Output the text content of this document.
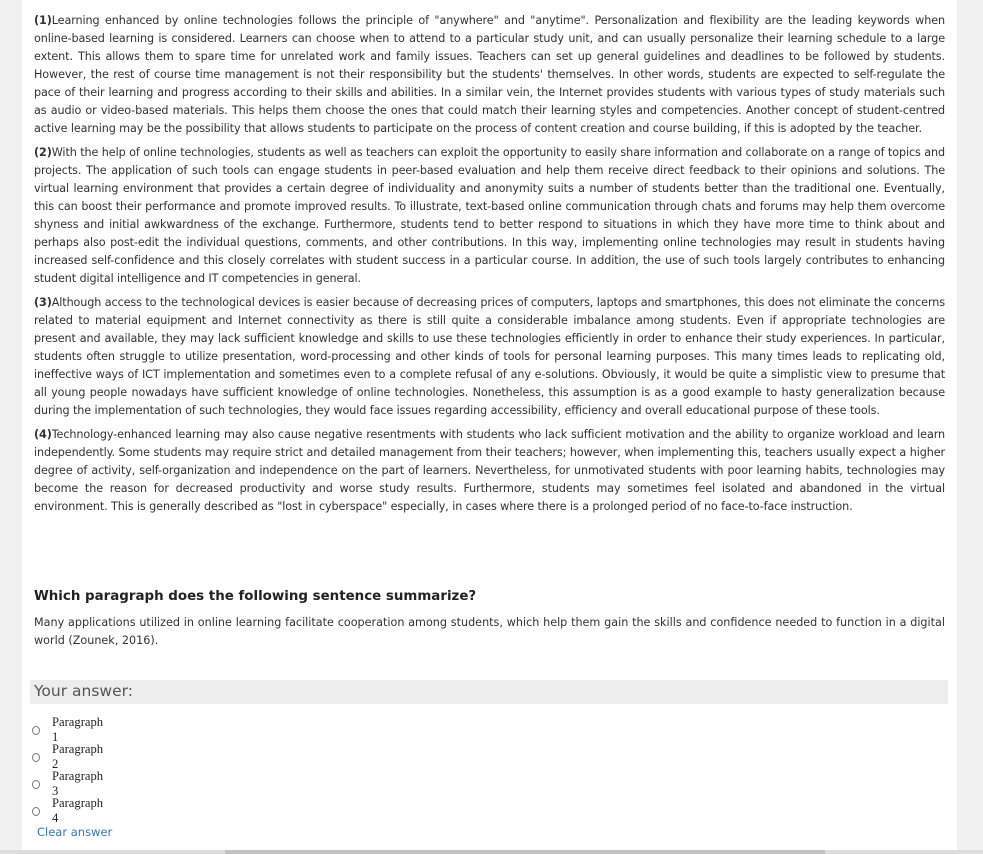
(1)Learning enhanced by online technologies follows the principle of "anywhere" and "anytime". Personalization and flexibility are the leading keywords when online-based learning is considered. Learners can choose when to attend to a particular study unit, and can usually personalize their learning schedule to a large extent. This allows them to spare time for unrelated work and family issues. Teachers can set up general guidelines and deadlines to be followed by students. However, the rest of course time management is not their responsibility but the students' themselves. In other words, students are expected to self-regulate the pace of their learning and progress according to their skills and abilities. In a similar vein, the Internet provides students with various types of study materials such as audio or video-based materials. This helps them choose the ones that could match their learning styles and competencies. Another concept of student-centred active learning may be the possibility that allows students to participate on the process of content creation and course building, if this is adopted by the teacher.

(2)With the help of online technologies, students as well as teachers can exploit the opportunity to easily share information and collaborate on a range of topics and projects. The application of such tools can engage students in peer-based evaluation and help them receive direct feedback to their opinions and solutions. The virtual learning environment that provides a certain degree of individuality and anonymity suits a number of students better than the traditional one. Eventually, this can boost their performance and promote improved results. To illustrate, text-based online communication through chats and forums may help them overcome shyness and initial awkwardness of the exchange. Furthermore, students tend to better respond to situations in which they have more time to think about and perhaps also post-edit the individual questions, comments, and other contributions. In this way, implementing online technologies may result in students having increased self-confidence and this closely correlates with student success in a particular course. In addition, the use of such tools largely contributes to enhancing student digital intelligence and IT competencies in general.

(3)Although access to the technological devices is easier because of decreasing prices of computers, laptops and smartphones, this does not eliminate the concerns related to material equipment and Internet connectivity as there is still quite a considerable imbalance among students. Even if appropriate technologies are present and available, they may lack sufficient knowledge and skills to use these technologies efficiently in order to enhance their study experiences. In particular, students often struggle to utilize presentation, word-processing and other kinds of tools for personal learning purposes. This many times leads to replicating old, ineffective ways of ICT implementation and sometimes even to a complete refusal of any e-solutions. Obviously, it would be quite a simplistic view to presume that all young people nowadays have sufficient knowledge of online technologies. Nonetheless, this assumption is as a good example to hasty generalization because during the implementation of such technologies, they would face issues regarding accessibility, efficiency and overall educational purpose of these tools.

(4)Technology-enhanced learning may also cause negative resentments with students who lack sufficient motivation and the ability to organize workload and learn independently. Some students may require strict and detailed management from their teachers; however, when implementing this, teachers usually expect a higher degree of activity, self-organization and independence on the part of learners. Nevertheless, for unmotivated students with poor learning habits, technologies may become the reason for decreased productivity and worse study results. Furthermore, students may sometimes feel isolated and abandoned in the virtual environment. This is generally described as "lost in cyberspace" especially, in cases where there is a prolonged period of no face-to-face instruction.

Which paragraph does the following sentence summarize?
Many applications utilized in online learning facilitate cooperation among students, which help them gain the skills and confidence needed to function in a digital world (Zounek, 2016).
Your answer:
Paragraph 1
Paragraph 2
Paragraph 3
Paragraph 4
Clear answer
